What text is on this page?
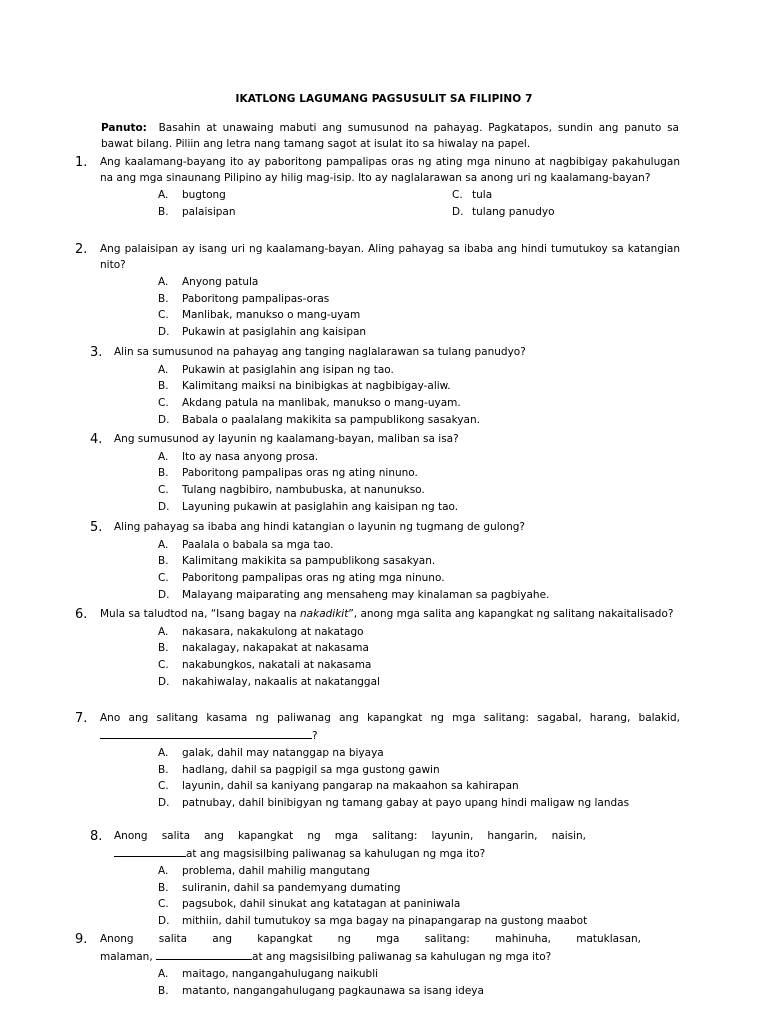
IKATLONG LAGUMANG PAGSUSULIT SA FILIPINO 7
Panuto: Basahin at unawaing mabuti ang sumusunod na pahayag. Pagkatapos, sundin ang panuto sa bawat bilang. Piliin ang letra nang tamang sagot at isulat ito sa hiwalay na papel.
1. Ang kaalamang-bayang ito ay paboritong pampalipas oras ng ating mga ninuno at nagbibigay pakahulugan na ang mga sinaunang Pilipino ay hilig mag-isip. Ito ay naglalarawan sa anong uri ng kaalamang-bayan?
A. bugtong	C. tula
B. palaisipan	D. tulang panudyo
2. Ang palaisipan ay isang uri ng kaalamang-bayan. Aling pahayag sa ibaba ang hindi tumutukoy sa katangian nito?
A. Anyong patula
B. Paboritong pampalipas-oras
C. Manlibak, manukso o mang-uyam
D. Pukawin at pasiglahin ang kaisipan
3. Alin sa sumusunod na pahayag ang tanging naglalarawan sa tulang panudyo?
A. Pukawin at pasiglahin ang isipan ng tao.
B. Kalimitang maiksi na binibigkas at nagbibigay-aliw.
C. Akdang patula na manlibak, manukso o mang-uyam.
D. Babala o paalalang makikita sa pampublikong sasakyan.
4. Ang sumusunod ay layunin ng kaalamang-bayan, maliban sa isa?
A. Ito ay nasa anyong prosa.
B. Paboritong pampalipas oras ng ating ninuno.
C. Tulang nagbibiro, nambubuska, at nanunukso.
D. Layuning pukawin at pasiglahin ang kaisipan ng tao.
5. Aling pahayag sa ibaba ang hindi katangian o layunin ng tugmang de gulong?
A. Paalala o babala sa mga tao.
B. Kalimitang makikita sa pampublikong sasakyan.
C. Paboritong pampalipas oras ng ating mga ninuno.
D. Malayang maiparating ang mensaheng may kinalaman sa pagbiyahe.
6. Mula sa taludtod na, “Isang bagay na nakadikit”, anong mga salita ang kapangkat ng salitang nakaitalisado?
A. nakasara, nakakulong at nakatago
B. nakalagay, nakapakat at nakasama
C. nakabungkos, nakatali at nakasama
D. nakahiwalay, nakaalis at nakatanggal
7. Ano ang salitang kasama ng paliwanag ang kapangkat ng mga salitang: sagabal, harang, balakid, ?
A. galak, dahil may natanggap na biyaya
B. hadlang, dahil sa pagpigil sa mga gustong gawin
C. layunin, dahil sa kaniyang pangarap na makaahon sa kahirapan
D. patnubay, dahil binibigyan ng tamang gabay at payo upang hindi maligaw ng landas
8. Anong salita ang kapangkat ng mga salitang: layunin, hangarin, naisin,
at ang magsisilbing paliwanag sa kahulugan ng mga ito?
A. problema, dahil mahilig mangutang
B. suliranin, dahil sa pandemyang dumating
C. pagsubok, dahil sinukat ang katatagan at paniniwala
D. mithiin, dahil tumutukoy sa mga bagay na pinapangarap na gustong maabot
9. Anong salita ang kapangkat ng mga salitang: mahinuha, matuklasan,
malaman,	at ang magsisilbing paliwanag sa kahulugan ng mga ito?
A. maitago, nangangahulugang naikubli
B. matanto, nangangahulugang pagkaunawa sa isang ideya
